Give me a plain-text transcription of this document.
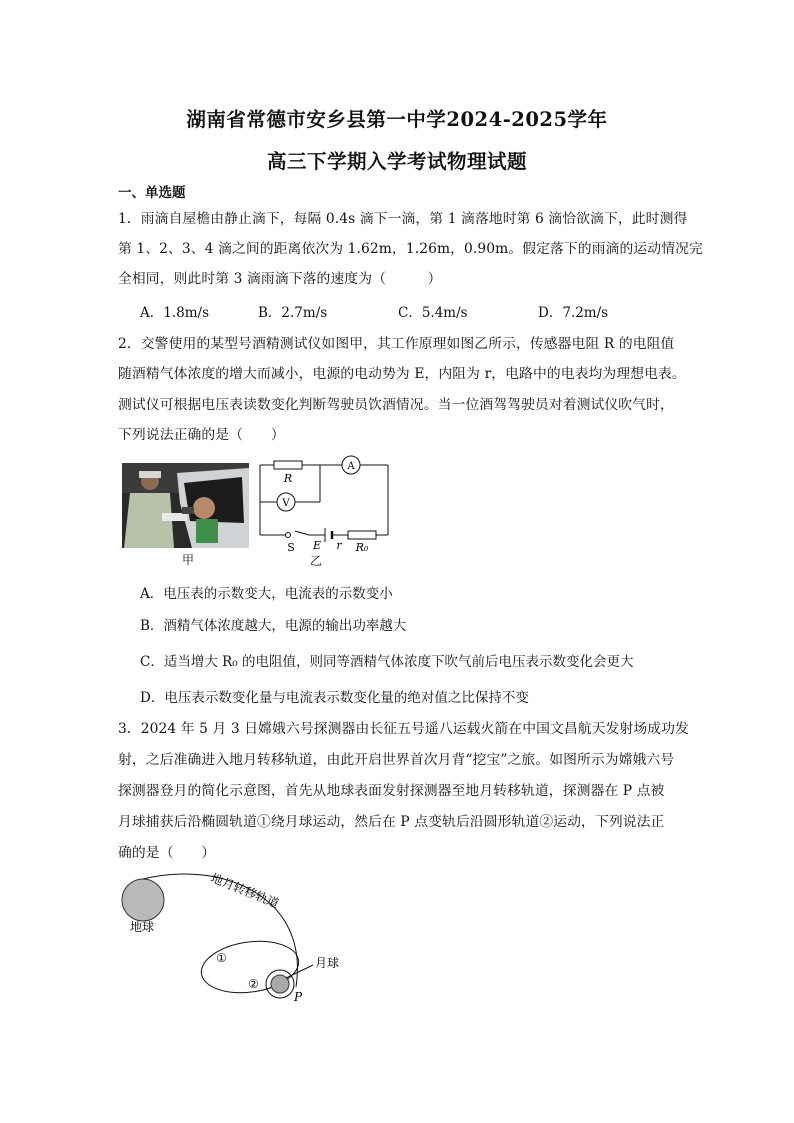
湖南省常德市安乡县第一中学2024-2025学年
高三下学期入学考试物理试题
一、单选题
1．雨滴自屋檐由静止滴下，每隔 0.4s 滴下一滴，第 1 滴落地时第 6 滴恰欲滴下，此时测得
第 1、2、3、4 滴之间的距离依次为 1.62m，1.26m，0.90m。假定落下的雨滴的运动情况完
全相同，则此时第 3 滴雨滴下落的速度为（　　　）
A．1.8m/s	B．2.7m/s	C．5.4m/s	D．7.2m/s
2．交警使用的某型号酒精测试仪如图甲，其工作原理如图乙所示，传感器电阻 R 的电阻值
随酒精气体浓度的增大而减小，电源的电动势为 E，内阻为 r，电路中的电表均为理想电表。
测试仪可根据电压表读数变化判断驾驶员饮酒情况。当一位酒驾驾驶员对着测试仪吹气时，
下列说法正确的是（　　）
甲
A
V
R
S E r R₀
乙
A．电压表的示数变大，电流表的示数变小
B．酒精气体浓度越大，电源的输出功率越大
C．适当增大 R₀ 的电阻值，则同等酒精气体浓度下吹气前后电压表示数变化会更大
D．电压表示数变化量与电流表示数变化量的绝对值之比保持不变
3．2024 年 5 月 3 日嫦娥六号探测器由长征五号遥八运载火箭在中国文昌航天发射场成功发
射，之后准确进入地月转移轨道，由此开启世界首次月背“挖宝”之旅。如图所示为嫦娥六号
探测器登月的简化示意图，首先从地球表面发射探测器至地月转移轨道，探测器在 P 点被
月球捕获后沿椭圆轨道①绕月球运动，然后在 P 点变轨后沿圆形轨道②运动，下列说法正
确的是（　　）
地球
地月转移轨道
①
②
月球
P
